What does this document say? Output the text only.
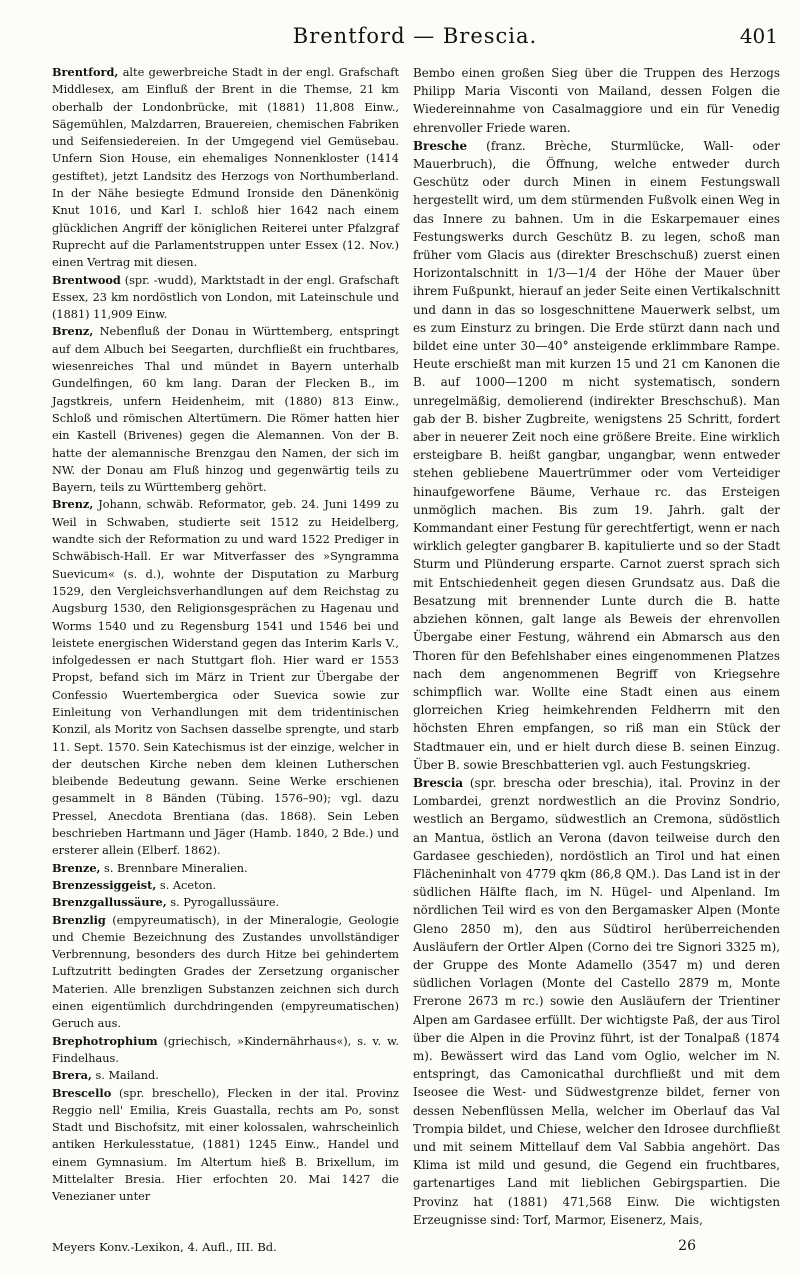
Brentford — Brescia.	401

Brentford, alte gewerbreiche Stadt in der engl. Grafschaft Middlesex, am Einfluß der Brent in die Themse, 21 km oberhalb der Londonbrücke, mit (1881) 11,808 Einw., Sägemühlen, Malzdarren, Brauereien, chemischen Fabriken und Seifensiedereien. In der Umgegend viel Gemüsebau. Unfern Sion House, ein ehemaliges Nonnenkloster (1414 gestiftet), jetzt Landsitz des Herzogs von Northumberland. In der Nähe besiegte Edmund Ironside den Dänenkönig Knut 1016, und Karl I. schloß hier 1642 nach einem glücklichen Angriff der königlichen Reiterei unter Pfalzgraf Ruprecht auf die Parlamentstruppen unter Essex (12. Nov.) einen Vertrag mit diesen.

Brentwood (spr. -wudd), Marktstadt in der engl. Grafschaft Essex, 23 km nordöstlich von London, mit Lateinschule und (1881) 11,909 Einw.

Brenz, Nebenfluß der Donau in Württemberg, entspringt auf dem Albuch bei Seegarten, durchfließt ein fruchtbares, wiesenreiches Thal und mündet in Bayern unterhalb Gundelfingen, 60 km lang. Daran der Flecken B., im Jagstkreis, unfern Heidenheim, mit (1880) 813 Einw., Schloß und römischen Altertümern. Die Römer hatten hier ein Kastell (Brivenes) gegen die Alemannen. Von der B. hatte der alemannische Brenzgau den Namen, der sich im NW. der Donau am Fluß hinzog und gegenwärtig teils zu Bayern, teils zu Württemberg gehört.

Brenz, Johann, schwäb. Reformator, geb. 24. Juni 1499 zu Weil in Schwaben, studierte seit 1512 zu Heidelberg, wandte sich der Reformation zu und ward 1522 Prediger in Schwäbisch-Hall. Er war Mitverfasser des »Syngramma Suevicum« (s. d.), wohnte der Disputation zu Marburg 1529, den Vergleichsverhandlungen auf dem Reichstag zu Augsburg 1530, den Religionsgesprächen zu Hagenau und Worms 1540 und zu Regensburg 1541 und 1546 bei und leistete energischen Widerstand gegen das Interim Karls V., infolgedessen er nach Stuttgart floh. Hier ward er 1553 Propst, befand sich im März in Trient zur Übergabe der Confessio Wuertembergica oder Suevica sowie zur Einleitung von Verhandlungen mit dem tridentinischen Konzil, als Moritz von Sachsen dasselbe sprengte, und starb 11. Sept. 1570. Sein Katechismus ist der einzige, welcher in der deutschen Kirche neben dem kleinen Lutherschen bleibende Bedeutung gewann. Seine Werke erschienen gesammelt in 8 Bänden (Tübing. 1576–90); vgl. dazu Pressel, Anecdota Brentiana (das. 1868). Sein Leben beschrieben Hartmann und Jäger (Hamb. 1840, 2 Bde.) und ersterer allein (Elberf. 1862).

Brenze, s. Brennbare Mineralien.

Brenzessiggeist, s. Aceton.

Brenzgallussäure, s. Pyrogallussäure.

Brenzlig (empyreumatisch), in der Mineralogie, Geologie und Chemie Bezeichnung des Zustandes unvollständiger Verbrennung, besonders des durch Hitze bei gehindertem Luftzutritt bedingten Grades der Zersetzung organischer Materien. Alle brenzligen Substanzen zeichnen sich durch einen eigentümlich durchdringenden (empyreumatischen) Geruch aus.

Brephotrophium (griechisch, »Kindernährhaus«), s. v. w. Findelhaus.

Brera, s. Mailand.

Brescello (spr. breschello), Flecken in der ital. Provinz Reggio nell' Emilia, Kreis Guastalla, rechts am Po, sonst Stadt und Bischofsitz, mit einer kolossalen, wahrscheinlich antiken Herkulesstatue, (1881) 1245 Einw., Handel und einem Gymnasium. Im Altertum hieß B. Brixellum, im Mittelalter Bresia. Hier erfochten 20. Mai 1427 die Venezianer unter

Bembo einen großen Sieg über die Truppen des Herzogs Philipp Maria Visconti von Mailand, dessen Folgen die Wiedereinnahme von Casalmaggiore und ein für Venedig ehrenvoller Friede waren.

Bresche (franz. Brèche, Sturmlücke, Wall- oder Mauerbruch), die Öffnung, welche entweder durch Geschütz oder durch Minen in einem Festungswall hergestellt wird, um dem stürmenden Fußvolk einen Weg in das Innere zu bahnen. Um in die Eskarpemauer eines Festungswerks durch Geschütz B. zu legen, schoß man früher vom Glacis aus (direkter Breschschuß) zuerst einen Horizontalschnitt in 1/3—1/4 der Höhe der Mauer über ihrem Fußpunkt, hierauf an jeder Seite einen Vertikalschnitt und dann in das so losgeschnittene Mauerwerk selbst, um es zum Einsturz zu bringen. Die Erde stürzt dann nach und bildet eine unter 30—40° ansteigende erklimmbare Rampe. Heute erschießt man mit kurzen 15 und 21 cm Kanonen die B. auf 1000—1200 m nicht systematisch, sondern unregelmäßig, demolierend (indirekter Breschschuß). Man gab der B. bisher Zugbreite, wenigstens 25 Schritt, fordert aber in neuerer Zeit noch eine größere Breite. Eine wirklich ersteigbare B. heißt gangbar, ungangbar, wenn entweder stehen gebliebene Mauertrümmer oder vom Verteidiger hinaufgeworfene Bäume, Verhaue rc. das Ersteigen unmöglich machen. Bis zum 19. Jahrh. galt der Kommandant einer Festung für gerechtfertigt, wenn er nach wirklich gelegter gangbarer B. kapitulierte und so der Stadt Sturm und Plünderung ersparte. Carnot zuerst sprach sich mit Entschiedenheit gegen diesen Grundsatz aus. Daß die Besatzung mit brennender Lunte durch die B. hatte abziehen können, galt lange als Beweis der ehrenvollen Übergabe einer Festung, während ein Abmarsch aus den Thoren für den Befehlshaber eines eingenommenen Platzes nach dem angenommenen Begriff von Kriegsehre schimpflich war. Wollte eine Stadt einen aus einem glorreichen Krieg heimkehrenden Feldherrn mit den höchsten Ehren empfangen, so riß man ein Stück der Stadtmauer ein, und er hielt durch diese B. seinen Einzug. Über B. sowie Breschbatterien vgl. auch Festungskrieg.

Brescia (spr. brescha oder breschia), ital. Provinz in der Lombardei, grenzt nordwestlich an die Provinz Sondrio, westlich an Bergamo, südwestlich an Cremona, südöstlich an Mantua, östlich an Verona (davon teilweise durch den Gardasee geschieden), nordöstlich an Tirol und hat einen Flächeninhalt von 4779 qkm (86,8 QM.). Das Land ist in der südlichen Hälfte flach, im N. Hügel- und Alpenland. Im nördlichen Teil wird es von den Bergamasker Alpen (Monte Gleno 2850 m), den aus Südtirol herüberreichenden Ausläufern der Ortler Alpen (Corno dei tre Signori 3325 m), der Gruppe des Monte Adamello (3547 m) und deren südlichen Vorlagen (Monte del Castello 2879 m, Monte Frerone 2673 m rc.) sowie den Ausläufern der Trientiner Alpen am Gardasee erfüllt. Der wichtigste Paß, der aus Tirol über die Alpen in die Provinz führt, ist der Tonalpaß (1874 m). Bewässert wird das Land vom Oglio, welcher im N. entspringt, das Camonicathal durchfließt und mit dem Iseosee die West- und Südwestgrenze bildet, ferner von dessen Nebenflüssen Mella, welcher im Oberlauf das Val Trompia bildet, und Chiese, welcher den Idrosee durchfließt und mit seinem Mittellauf dem Val Sabbia angehört. Das Klima ist mild und gesund, die Gegend ein fruchtbares, gartenartiges Land mit lieblichen Gebirgspartien. Die Provinz hat (1881) 471,568 Einw. Die wichtigsten Erzeugnisse sind: Torf, Marmor, Eisenerz, Mais,

Meyers Konv.-Lexikon, 4. Aufl., III. Bd.	26
